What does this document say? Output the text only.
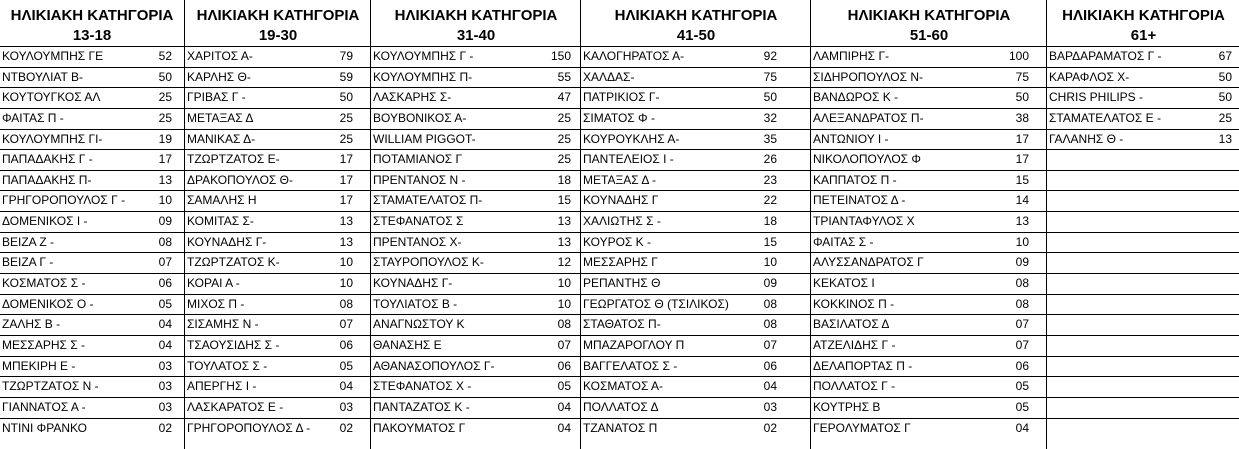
ΗΛΙΚΙΑΚΗ ΚΑΤΗΓΟΡΙΑ
13-18
ΚΟΥΛΟΥΜΠΗΣ ΓΕ	52
ΝΤΒΟΥΛΙΑΤ Β-	50
ΚΟΥΤΟΥΓΚΟΣ ΑΛ	25
ΦΑΙΤΑΣ Π -	25
ΚΟΥΛΟΥΜΠΗΣ ΓΙ-	19
ΠΑΠΑΔΑΚΗΣ Γ -	17
ΠΑΠΑΔΑΚΗΣ Π-	13
ΓΡΗΓΟΡΟΠΟΥΛΟΣ Γ -	10
ΔΟΜΕΝΙΚΟΣ Ι -	09
ΒΕΙΖΑ Ζ -	08
ΒΕΙΖΑ Γ -	07
ΚΟΣΜΑΤΟΣ Σ -	06
ΔΟΜΕΝΙΚΟΣ Ο -	05
ΖΑΛΗΣ Β -	04
ΜΕΣΣΑΡΗΣ Σ -	04
ΜΠΕΚΙΡΗ Ε -	03
ΤΖΩΡΤΖΑΤΟΣ Ν -	03
ΓΙΑΝΝΑΤΟΣ Α -	03
ΝΤΙΝΙ ΦΡΑΝΚΟ	02
ΗΛΙΚΙΑΚΗ ΚΑΤΗΓΟΡΙΑ
19-30
ΧΑΡΙΤΟΣ Α-	79
ΚΑΡΛΗΣ Θ-	59
ΓΡΙΒΑΣ Γ -	50
ΜΕΤΑΞΑΣ Δ	25
ΜΑΝΙΚΑΣ Δ-	25
ΤΖΩΡΤΖΑΤΟΣ Ε-	17
ΔΡΑΚΟΠΟΥΛΟΣ Θ-	17
ΣΑΜΑΛΗΣ Η	17
ΚΟΜΙΤΑΣ Σ-	13
ΚΟΥΝΑΔΗΣ Γ-	13
ΤΖΩΡΤΖΑΤΟΣ Κ-	10
ΚΟΡΑΙ Α -	10
ΜΙΧΟΣ Π -	08
ΣΙΣΑΜΗΣ Ν -	07
ΤΣΑΟΥΣΙΔΗΣ Σ -	06
ΤΟΥΛΑΤΟΣ Σ -	05
ΑΠΕΡΓΗΣ Ι -	04
ΛΑΣΚΑΡΑΤΟΣ Ε -	03
ΓΡΗΓΟΡΟΠΟΥΛΟΣ Δ - 02
ΗΛΙΚΙΑΚΗ ΚΑΤΗΓΟΡΙΑ
31-40
ΚΟΥΛΟΥΜΠΗΣ Γ -	150
ΚΟΥΛΟΥΜΠΗΣ Π-	55
ΛΑΣΚΑΡΗΣ Σ-	47
ΒΟΥΒΟΝΙΚΟΣ Α-	25
WILLIAM PIGGOT-	25
ΠΟΤΑΜΙΑΝΟΣ Γ	25
ΠΡΕΝΤΑΝΟΣ Ν -	18
ΣΤΑΜΑΤΕΛΑΤΟΣ Π-	15
ΣΤΕΦΑΝΑΤΟΣ Σ	13
ΠΡΕΝΤΑΝΟΣ Χ-	13
ΣΤΑΥΡΟΠΟΥΛΟΣ Κ-	12
ΚΟΥΝΑΔΗΣ Γ-	10
ΤΟΥΛΙΑΤΟΣ Β -	10
ΑΝΑΓΝΩΣΤΟΥ Κ	08
ΘΑΝΑΣΗΣ Ε	07
ΑΘΑΝΑΣΟΠΟΥΛΟΣ Γ-	06
ΣΤΕΦΑΝΑΤΟΣ Χ -	05
ΠΑΝΤΑΖΑΤΟΣ Κ -	04
ΠΑΚΟΥΜΑΤΟΣ Γ	04
ΗΛΙΚΙΑΚΗ ΚΑΤΗΓΟΡΙΑ
41-50
ΚΑΛΟΓΗΡΑΤΟΣ Α-	92
ΧΑΛΔΑΣ-	75
ΠΑΤΡΙΚΙΟΣ Γ-	50
ΣΙΜΑΤΟΣ Φ -	32
ΚΟΥΡΟΥΚΛΗΣ Α-	35
ΠΑΝΤΕΛΕΙΟΣ Ι -	26
ΜΕΤΑΞΑΣ Δ -	23
ΚΟΥΝΑΔΗΣ Γ	22
ΧΑΛΙΩΤΗΣ Σ -	18
ΚΟΥΡΟΣ Κ -	15
ΜΕΣΣΑΡΗΣ Γ	10
ΡΕΠΑΝΤΗΣ Θ	09
ΓΕΩΡΓΑΤΟΣ Θ (ΤΣΙΛΙΚΟΣ)	08
ΣΤΑΘΑΤΟΣ Π-	08
ΜΠΑΖΑΡΟΓΛΟΥ Π	07
ΒΑΓΓΕΛΑΤΟΣ Σ -	06
ΚΟΣΜΑΤΟΣ Α-	04
ΠΟΛΛΑΤΟΣ Δ	03
ΤΖΑΝΑΤΟΣ Π	02
ΗΛΙΚΙΑΚΗ ΚΑΤΗΓΟΡΙΑ
51-60
ΛΑΜΠΙΡΗΣ Γ-	100
ΣΙΔΗΡΟΠΟΥΛΟΣ Ν-	75
ΒΑΝΔΩΡΟΣ Κ -	50
ΑΛΕΞΑΝΔΡΑΤΟΣ Π-	38
ΑΝΤΩΝΙΟΥ Ι -	17
ΝΙΚΟΛΟΠΟΥΛΟΣ Φ	17
ΚΑΠΠΑΤΟΣ Π -	15
ΠΕΤΕΙΝΑΤΟΣ Δ -	14
ΤΡΙΑΝΤΑΦΥΛΟΣ Χ	13
ΦΑΙΤΑΣ Σ -	10
ΑΛΥΣΣΑΝΔΡΑΤΟΣ Γ	09
ΚΕΚΑΤΟΣ Ι	08
ΚΟΚΚΙΝΟΣ Π -	08
ΒΑΣΙΛΑΤΟΣ Δ	07
ΑΤΖΕΛΙΔΗΣ Γ -	07
ΔΕΛΑΠΟΡΤΑΣ Π -	06
ΠΟΛΛΑΤΟΣ Γ -	05
ΚΟΥΤΡΗΣ Β	05
ΓΕΡΟΛΥΜΑΤΟΣ Γ	04
ΗΛΙΚΙΑΚΗ ΚΑΤΗΓΟΡΙΑ
61+
ΒΑΡΔΑΡΑΜΑΤΟΣ Γ -	67
ΚΑΡΑΦΛΟΣ Χ-	50
CHRIS PHILIPS -	50
ΣΤΑΜΑΤΕΛΑΤΟΣ Ε -	25
ΓΑΛΑΝΗΣ Θ -	13
